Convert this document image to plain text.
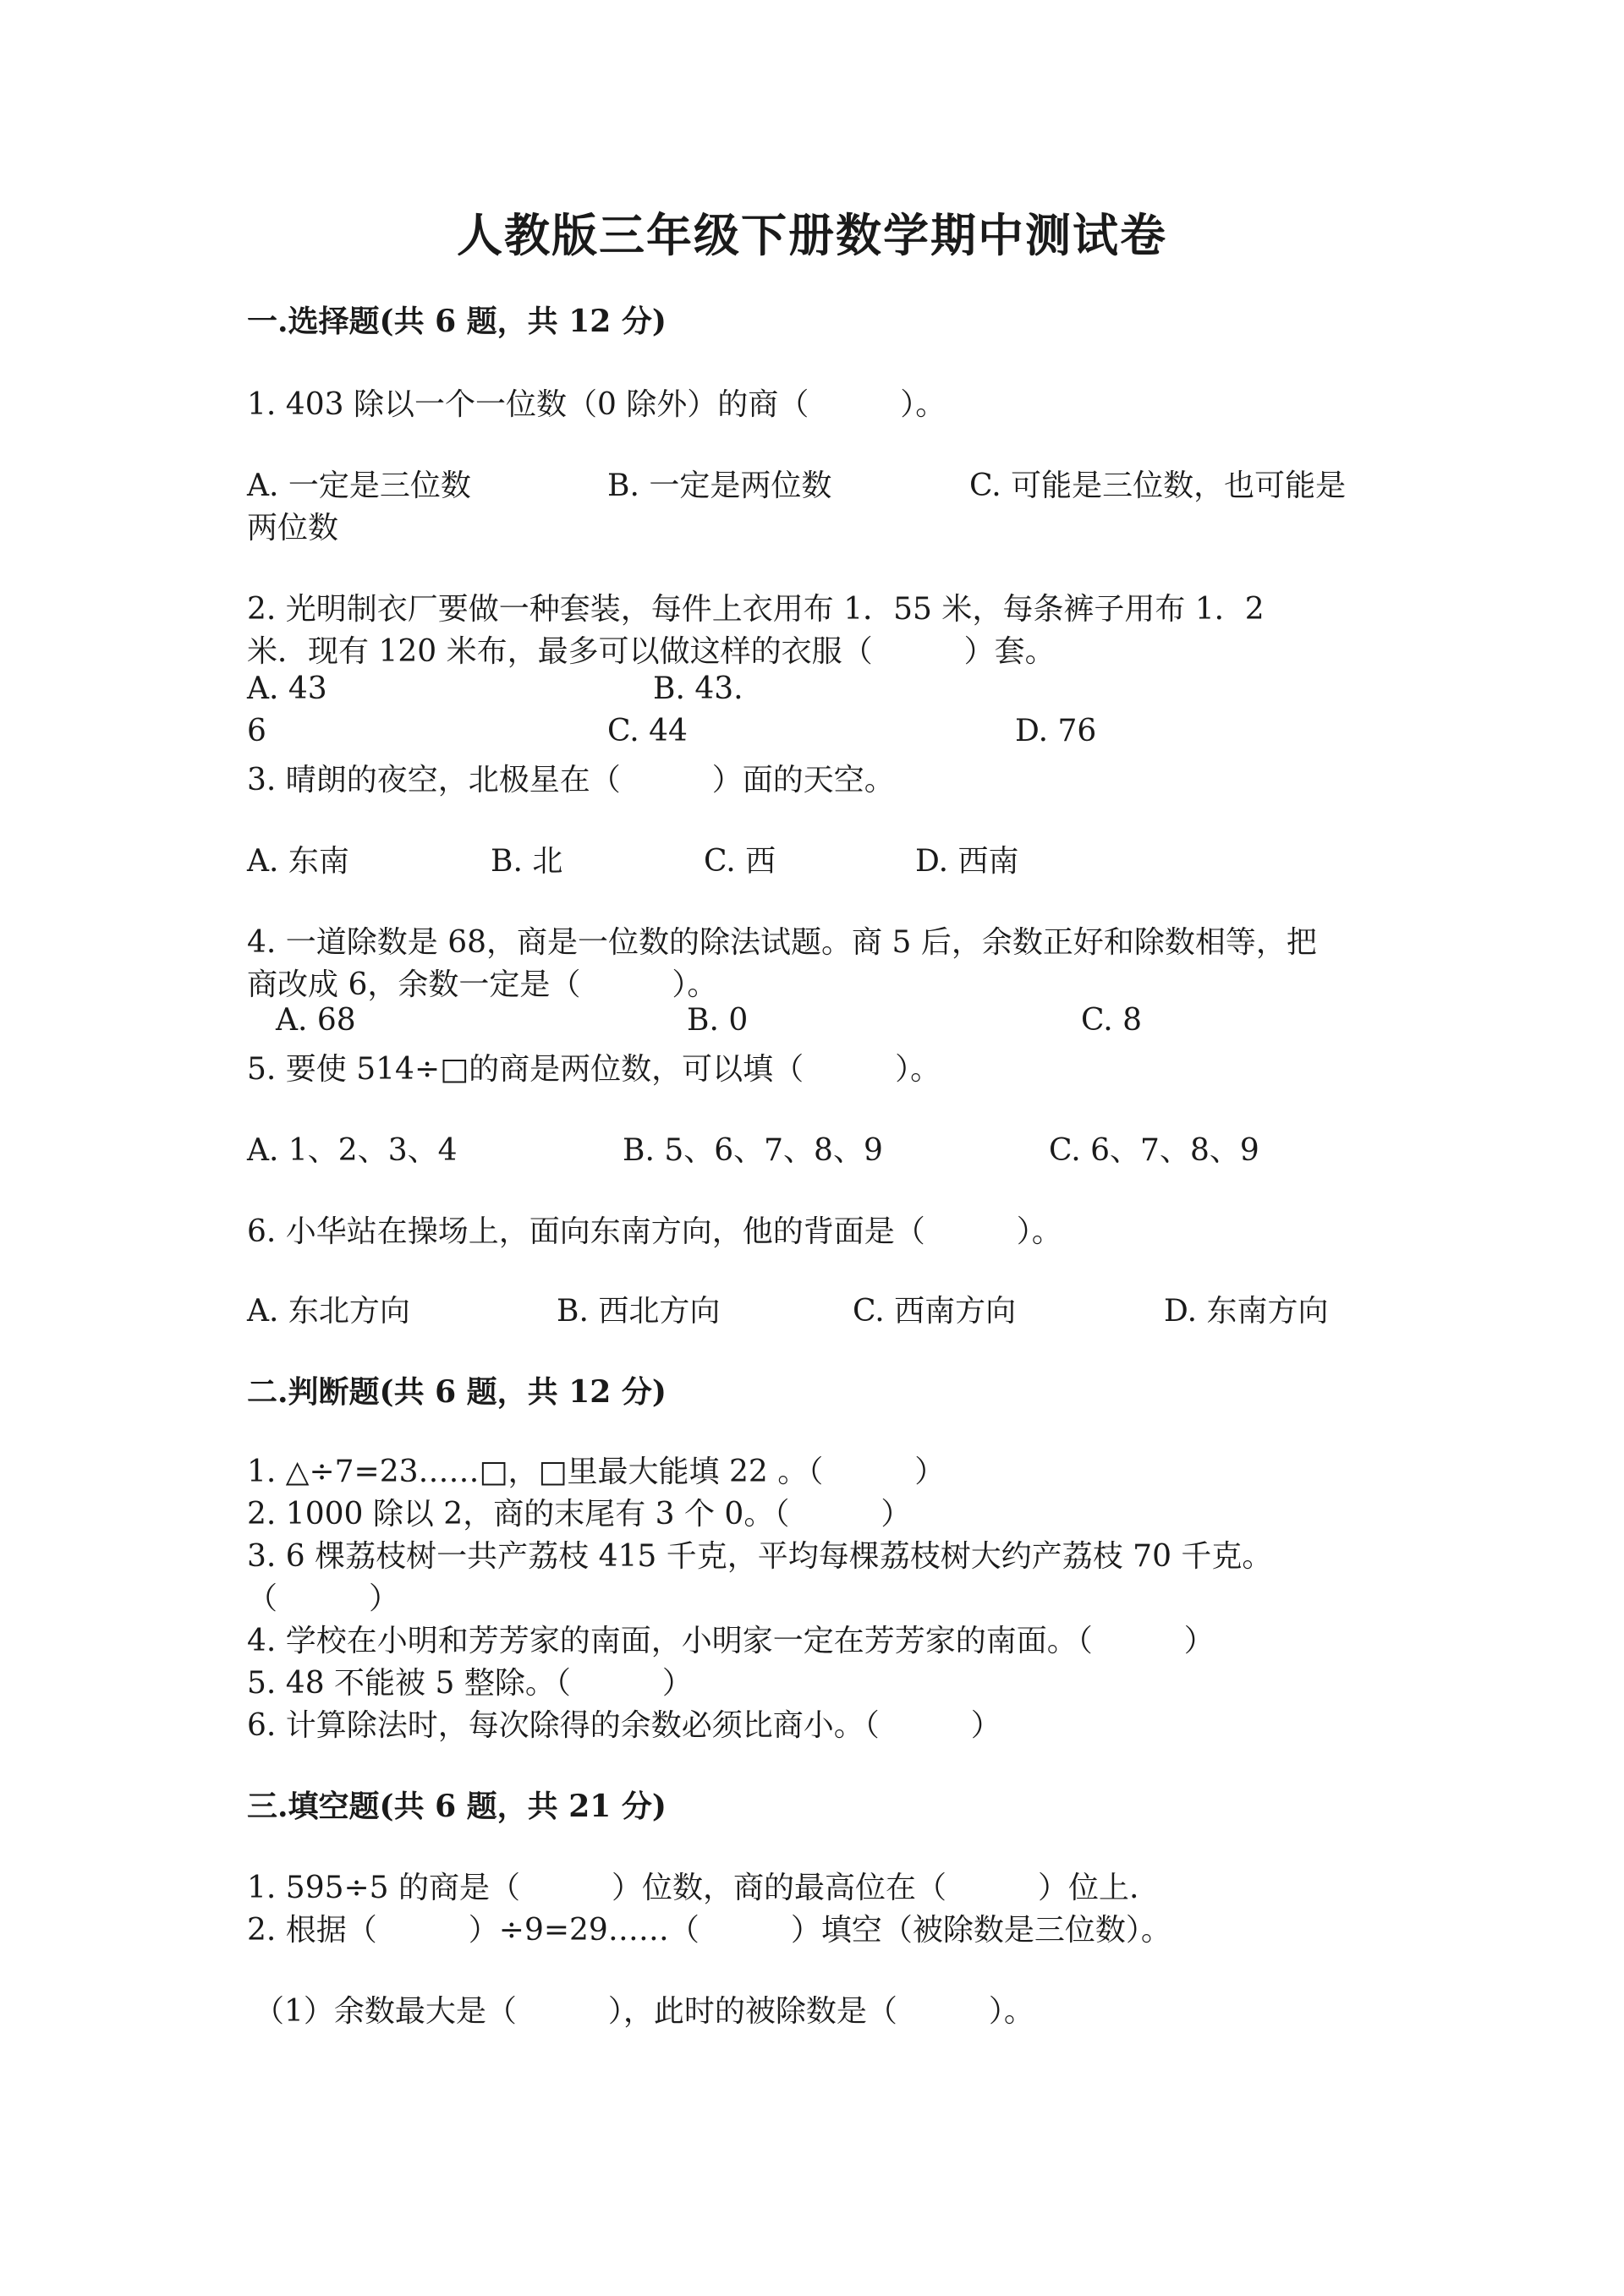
人教版三年级下册数学期中测试卷
一.选择题(共 6 题，共 12 分)
1. 403 除以一个一位数（0 除外）的商（　　　）。
A. 一定是三位数	B. 一定是两位数	C. 可能是三位数，也可能是
两位数
2. 光明制衣厂要做一种套装，每件上衣用布 1．55 米，每条裤子用布 1．2
米．现有 120 米布，最多可以做这样的衣服（　　　）套。
A. 43	B. 43.
6	C. 44	D. 76
3. 晴朗的夜空，北极星在（　　　）面的天空。
A. 东南	B. 北	C. 西	D. 西南
4. 一道除数是 68，商是一位数的除法试题。商 5 后，余数正好和除数相等，把
商改成 6，余数一定是（　　　）。
A. 68	B. 0	C. 8
5. 要使 514÷□的商是两位数，可以填（　　　）。
A. 1、2、3、4	B. 5、6、7、8、9	C. 6、7、8、9
6. 小华站在操场上，面向东南方向，他的背面是（　　　）。
A. 东北方向	B. 西北方向	C. 西南方向	D. 东南方向
二.判断题(共 6 题，共 12 分)
1. △÷7=23……□，□里最大能填 22 。（　　　）
2. 1000 除以 2，商的末尾有 3 个 0。（　　　）
3. 6 棵荔枝树一共产荔枝 415 千克，平均每棵荔枝树大约产荔枝 70 千克。
（　　　）
4. 学校在小明和芳芳家的南面，小明家一定在芳芳家的南面。（　　　）
5. 48 不能被 5 整除。（　　　）
6. 计算除法时，每次除得的余数必须比商小。（　　　）
三.填空题(共 6 题，共 21 分)
1. 595÷5 的商是（　　　）位数，商的最高位在（　　　）位上.
2. 根据（　　　）÷9=29……（　　　）填空（被除数是三位数）。
（1）余数最大是（　　　），此时的被除数是（　　　）。
